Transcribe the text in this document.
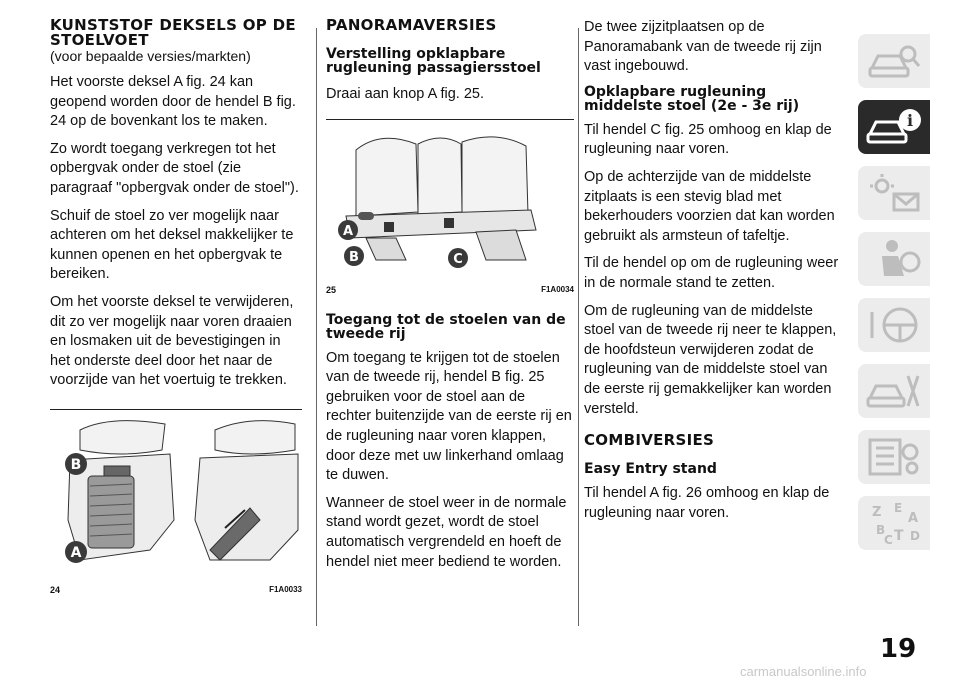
KUNSTSTOF DEKSELS OP DE STOELVOET
(voor bepaalde versies/markten)

Het voorste deksel A fig. 24 kan geopend worden door de hendel B fig. 24 op de bovenkant los te maken.

Zo wordt toegang verkregen tot het opbergvak onder de stoel (zie paragraaf "opbergvak onder de stoel").

Schuif de stoel zo ver mogelijk naar achteren om het deksel makkelijker te kunnen openen en het opbergvak te bereiken.

Om het voorste deksel te verwijderen, dit zo ver mogelijk naar voren draaien en losmaken uit de bevestigingen in het onderste deel door het naar de voorzijde van het voertuig te trekken.

B
A
24	F1A0033
PANORAMAVERSIES
Verstelling opklapbare rugleuning passagiersstoel

Draai aan knop A fig. 25.

A
B	C
25	F1A0034
Toegang tot de stoelen van de tweede rij

Om toegang te krijgen tot de stoelen van de tweede rij, hendel B fig. 25 gebruiken voor de stoel aan de rechter buitenzijde van de eerste rij en de rugleuning naar voren klappen, door deze met uw linkerhand omlaag te duwen.

Wanneer de stoel weer in de normale stand wordt gezet, wordt de stoel automatisch vergrendeld en hoeft de hendel niet meer bediend te worden.

De twee zijzitplaatsen op de Panoramabank van de tweede rij zijn vast ingebouwd.

Opklapbare rugleuning middelste stoel (2e - 3e rij)

Til hendel C fig. 25 omhoog en klap de rugleuning naar voren.

Op de achterzijde van de middelste zitplaats is een stevig blad met bekerhouders voorzien dat kan worden gebruikt als armsteun of tafeltje.

Til de hendel op om de rugleuning weer in de normale stand te zetten.

Om de rugleuning van de middelste stoel van de tweede rij neer te klappen, de hoofdsteun verwijderen zodat de rugleuning van de middelste stoel van de eerste rij gemakkelijker kan worden versteld.

COMBIVERSIES
Easy Entry stand

Til hendel A fig. 26 omhoog en klap de rugleuning naar voren.

i
Z E
A
B
C T D
19
carmanualsonline.info
